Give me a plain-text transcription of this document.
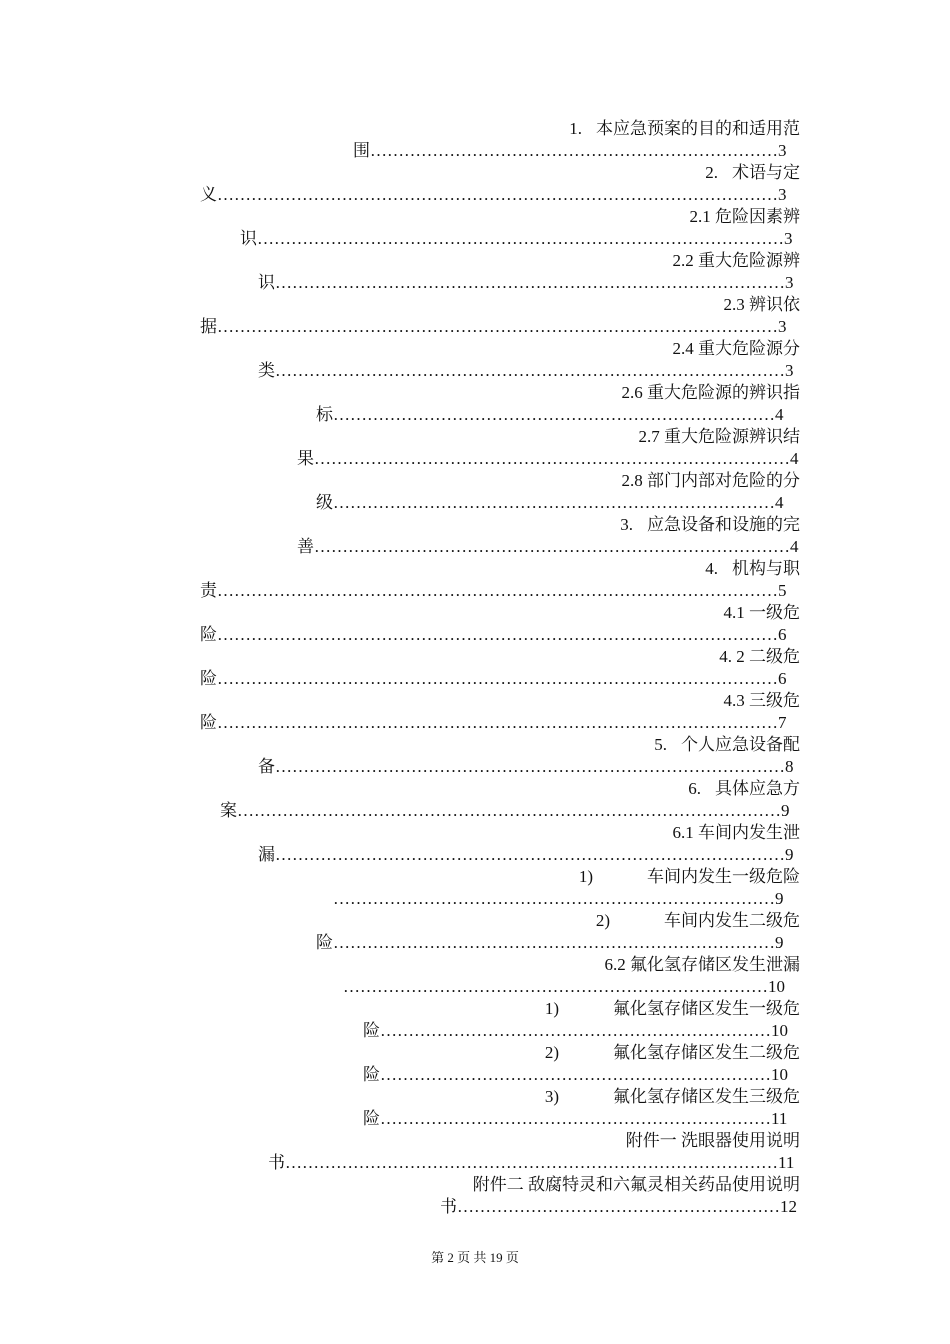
1. 本应急预案的目的和适用范
围………………………………………………………………3
2. 术语与定
义………………………………………………………………………………………3
2.1 危险因素辨
识…………………………………………………………………………………3
2.2 重大危险源辨
识………………………………………………………………………………3
2.3 辨识依
据………………………………………………………………………………………3
2.4 重大危险源分
类………………………………………………………………………………3
2.6 重大危险源的辨识指
标……………………………………………………………………4
2.7 重大危险源辨识结
果…………………………………………………………………………4
2.8 部门内部对危险的分
级……………………………………………………………………4
3. 应急设备和设施的完
善…………………………………………………………………………4
4. 机构与职
责………………………………………………………………………………………5
4.1 一级危
险………………………………………………………………………………………6
4. 2 二级危
险………………………………………………………………………………………6
4.3 三级危
险………………………………………………………………………………………7
5. 个人应急设备配
备………………………………………………………………………………8
6. 具体应急方
案……………………………………………………………………………………9
6.1 车间内发生泄
漏………………………………………………………………………………9
1)	车间内发生一级危险
……………………………………………………………………9
2)	车间内发生二级危
险……………………………………………………………………9
6.2 氟化氢存储区发生泄漏
…………………………………………………………………10
1)	氟化氢存储区发生一级危
险……………………………………………………………10
2)	氟化氢存储区发生二级危
险……………………………………………………………10
3)	氟化氢存储区发生三级危
险……………………………………………………………11
附件一 洗眼器使用说明
书……………………………………………………………………………11
附件二 敌腐特灵和六氟灵相关药品使用说明
书…………………………………………………12
第 2 页 共 19 页
